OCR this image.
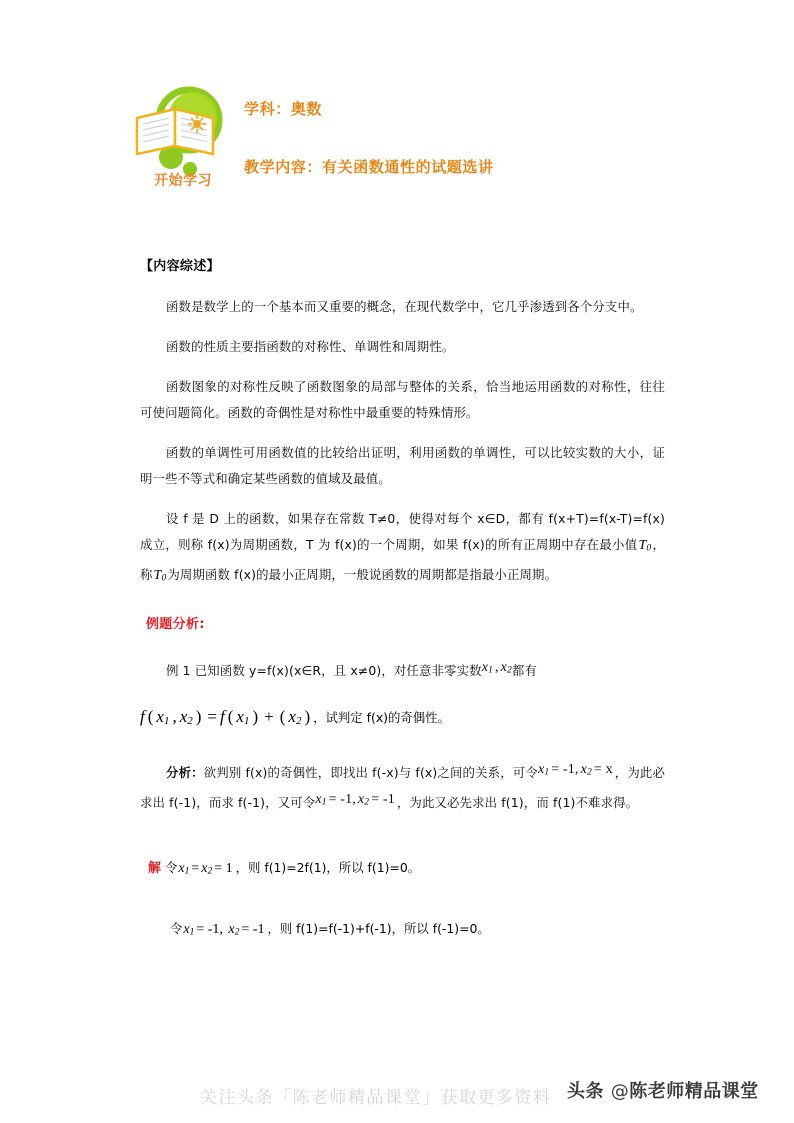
开始学习
学科：奥数
教学内容：有关函数通性的试题选讲
【内容综述】

函数是数学上的一个基本而又重要的概念，在现代数学中，它几乎渗透到各个分支中。

函数的性质主要指函数的对称性、单调性和周期性。

函数图象的对称性反映了函数图象的局部与整体的关系，恰当地运用函数的对称性，往往可使问题简化。函数的奇偶性是对称性中最重要的特殊情形。

函数的单调性可用函数值的比较给出证明，利用函数的单调性，可以比较实数的大小，证明一些不等式和确定某些函数的值域及最值。

设 f 是 D 上的函数，如果存在常数 T≠0，使得对每个 x∈D，都有 f(x+T)=f(x-T)=f(x)成立，则称 f(x)为周期函数，T 为 f(x)的一个周期，如果 f(x)的所有正周期中存在最小值$T_0$，称$T_0$为周期函数 f(x)的最小正周期，一般说函数的周期都是指最小正周期。

例题分析:

例 1 已知函数 y=f(x)(x∈R，且 x≠0)，对任意非零实数$x_1$ , $x_2$都有

f ( $x_1$ , $x_2$ ) = f ( $x_1$ ) + ( $x_2$ ) ，试判定 f(x)的奇偶性。

分析：欲判别 f(x)的奇偶性，即找出 f(-x)与 f(x)之间的关系，可令$x_1 = -1$, $x_2 = x$ ，为此必求出 f(-1)，而求 f(-1)，又可令$x_1 = -1$, $x_2 = -1$ ，为此又必先求出 f(1)，而 f(1)不难求得。

解 令$x_1 = x_2 = 1$ ，则 f(1)=2f(1)，所以 f(1)=0。
令$x_1 = -1$, $x_2 = -1$ ，则 f(1)=f(-1)+f(-1)，所以 f(-1)=0。
关注头条「陈老师精品课堂」获取更多资料 头条 @陈老师精品课堂
